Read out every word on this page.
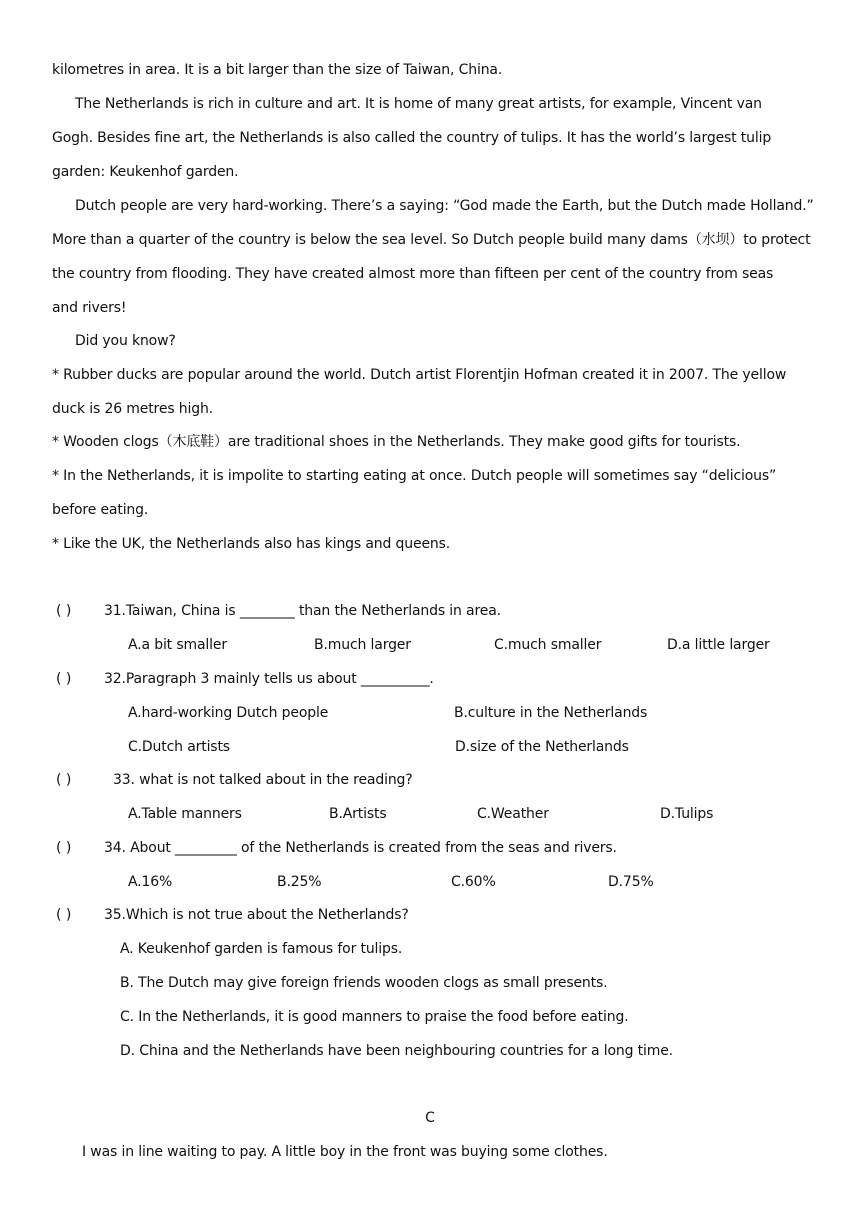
kilometres in area. It is a bit larger than the size of Taiwan, China.
The Netherlands is rich in culture and art. It is home of many great artists, for example, Vincent van
Gogh. Besides fine art, the Netherlands is also called the country of tulips. It has the world’s largest tulip
garden: Keukenhof garden.
Dutch people are very hard-working. There’s a saying: “God made the Earth, but the Dutch made Holland.”
More than a quarter of the country is below the sea level. So Dutch people build many dams（水坝）to protect
the country from flooding. They have created almost more than fifteen per cent of the country from seas
and rivers!
Did you know?
* Rubber ducks are popular around the world. Dutch artist Florentjin Hofman created it in 2007. The yellow
duck is 26 metres high.
* Wooden clogs（木底鞋）are traditional shoes in the Netherlands. They make good gifts for tourists.
* In the Netherlands, it is impolite to starting eating at once. Dutch people will sometimes say “delicious”
before eating.
* Like the UK, the Netherlands also has kings and queens.
( ) 31.Taiwan, China is ________ than the Netherlands in area.
A.a bit smaller	B.much larger	C.much smaller	D.a little larger
( ) 32.Paragraph 3 mainly tells us about __________.
A.hard-working Dutch people	B.culture in the Netherlands
C.Dutch artists	D.size of the Netherlands
( )	33. what is not talked about in the reading?
A.Table manners	B.Artists	C.Weather	D.Tulips
( ) 34. About _________ of the Netherlands is created from the seas and rivers.
A.16%	B.25%	C.60%	D.75%
( ) 35.Which is not true about the Netherlands?
A. Keukenhof garden is famous for tulips.
B. The Dutch may give foreign friends wooden clogs as small presents.
C. In the Netherlands, it is good manners to praise the food before eating.
D. China and the Netherlands have been neighbouring countries for a long time.
C
I was in line waiting to pay. A little boy in the front was buying some clothes.
